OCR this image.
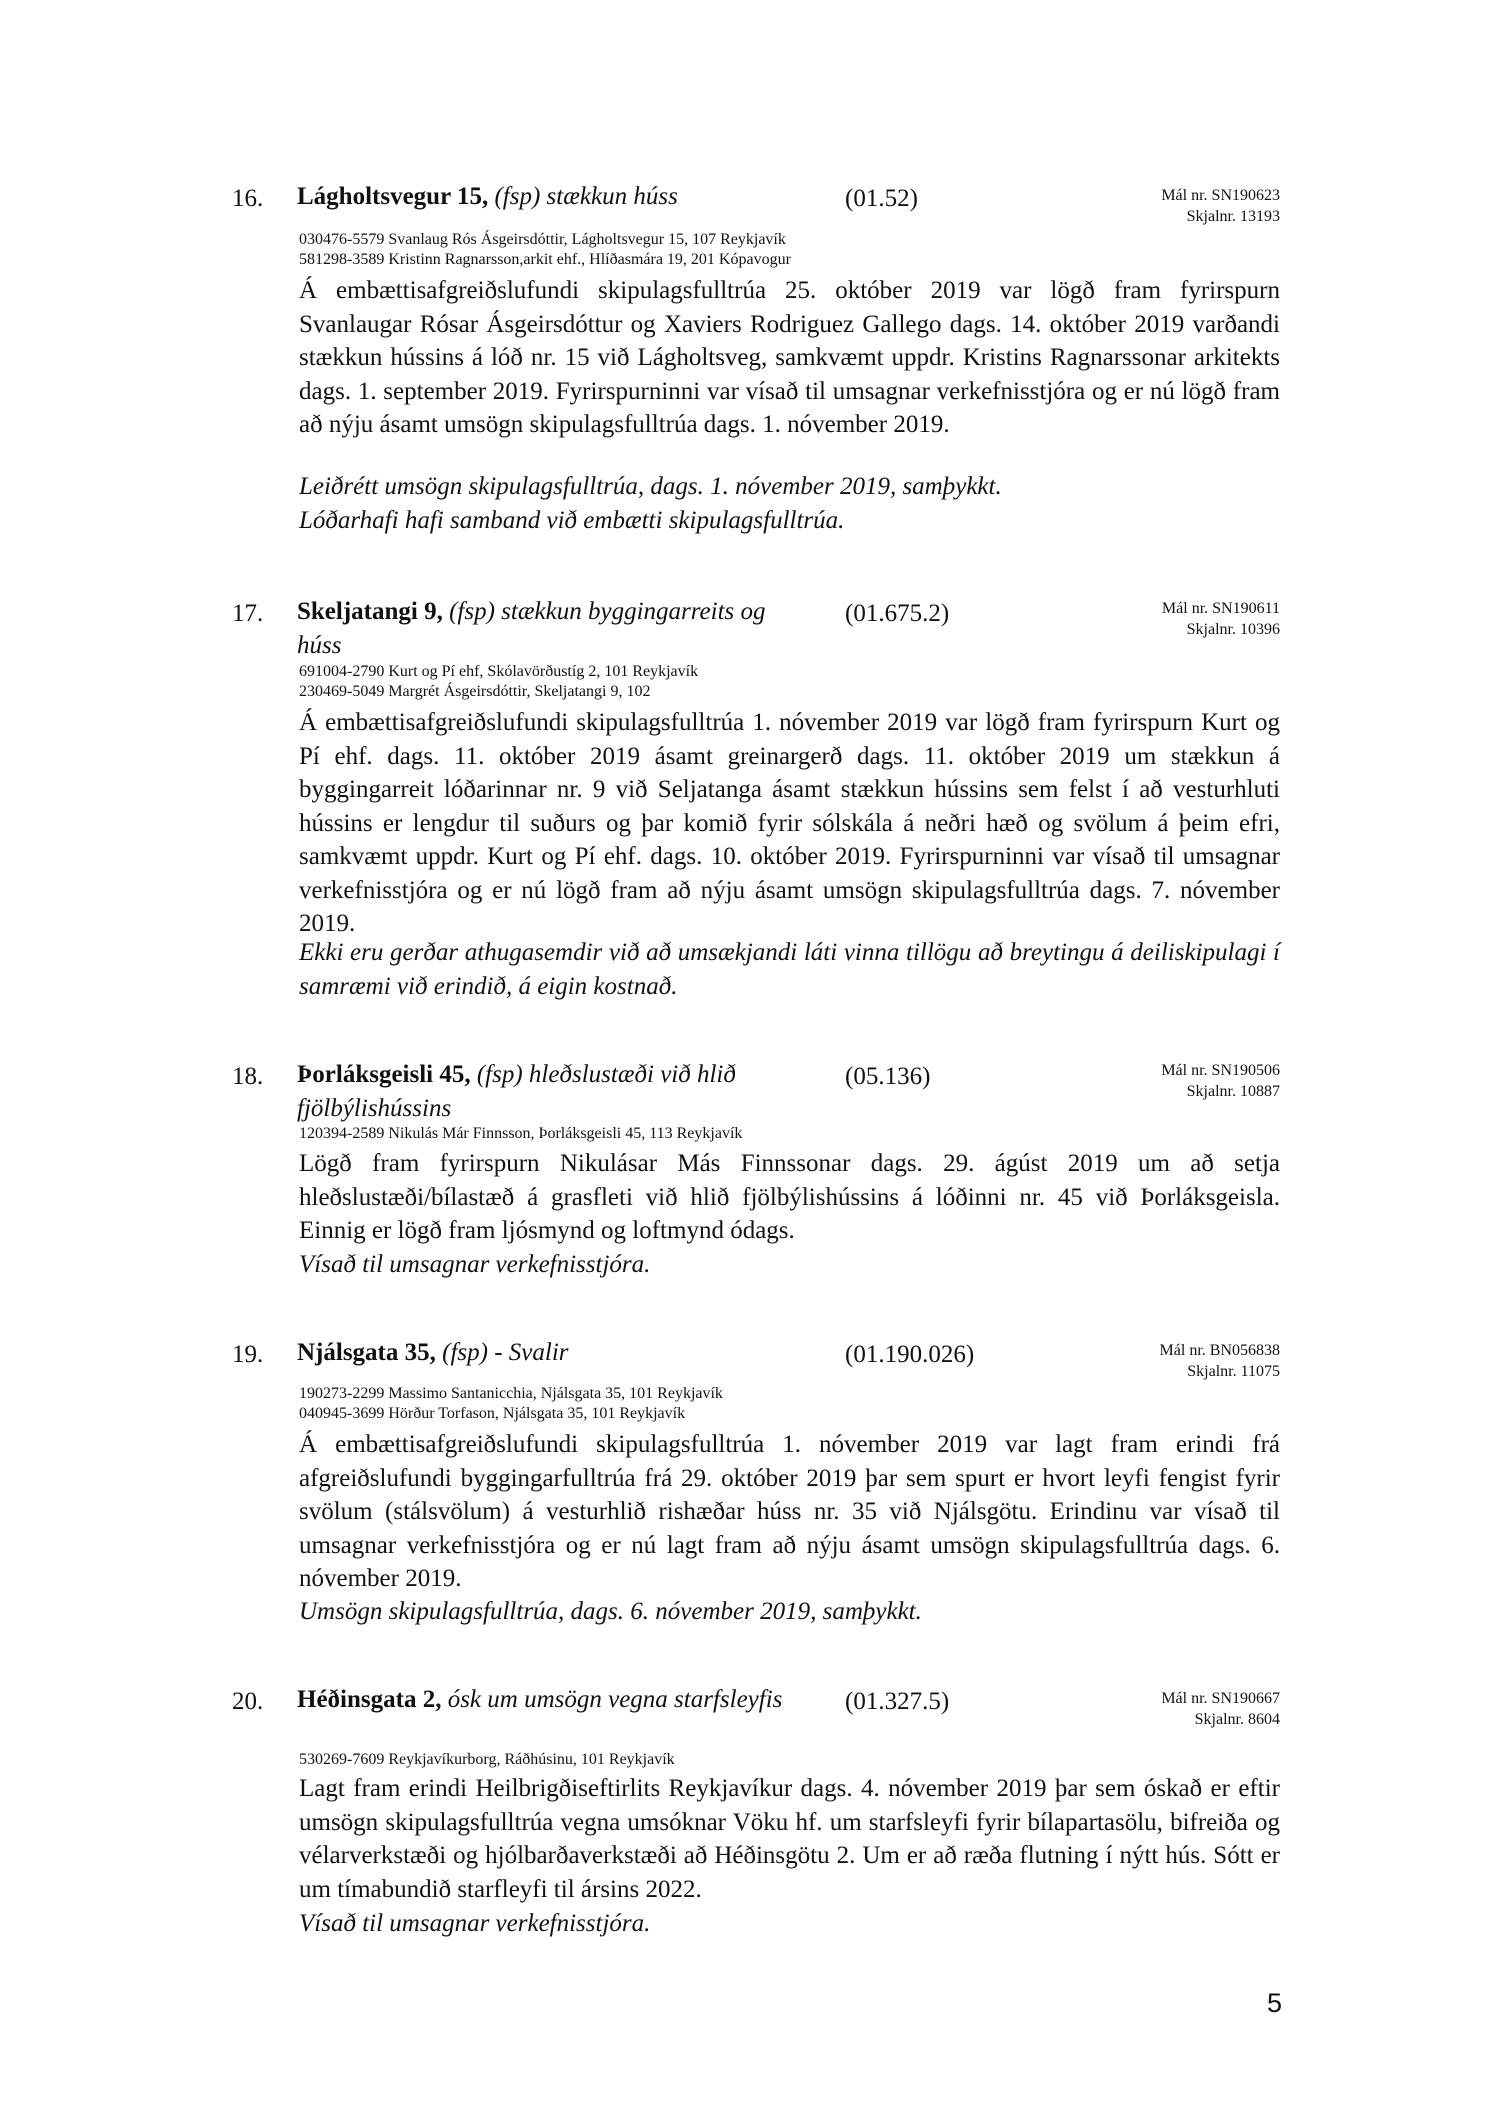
16. Lágholtsvegur 15, (fsp) stækkun húss	(01.52)	Mál nr. SN190623
Skjalnr. 13193
030476-5579 Svanlaug Rós Ásgeirsdóttir, Lágholtsvegur 15, 107 Reykjavík
581298-3589 Kristinn Ragnarsson,arkit ehf., Hlíðasmára 19, 201 Kópavogur

Á embættisafgreiðslufundi skipulagsfulltrúa 25. október 2019 var lögð fram fyrirspurn Svanlaugar Rósar Ásgeirsdóttur og Xaviers Rodriguez Gallego dags. 14. október 2019 varðandi stækkun hússins á lóð nr. 15 við Lágholtsveg, samkvæmt uppdr. Kristins Ragnarssonar arkitekts dags. 1. september 2019. Fyrirspurninni var vísað til umsagnar verkefnisstjóra og er nú lögð fram að nýju ásamt umsögn skipulagsfulltrúa dags. 1. nóvember 2019.

Leiðrétt umsögn skipulagsfulltrúa, dags. 1. nóvember 2019, samþykkt.

Lóðarhafi hafi samband við embætti skipulagsfulltrúa.

17. Skeljatangi 9, (fsp) stækkun byggingarreits og húss
(01.675.2)	Mál nr. SN190611
Skjalnr. 10396
691004-2790 Kurt og Pí ehf, Skólavörðustíg 2, 101 Reykjavík
230469-5049 Margrét Ásgeirsdóttir, Skeljatangi 9, 102

Á embættisafgreiðslufundi skipulagsfulltrúa 1. nóvember 2019 var lögð fram fyrirspurn Kurt og Pí ehf. dags. 11. október 2019 ásamt greinargerð dags. 11. október 2019 um stækkun á byggingarreit lóðarinnar nr. 9 við Seljatanga ásamt stækkun hússins sem felst í að vesturhluti hússins er lengdur til suðurs og þar komið fyrir sólskála á neðri hæð og svölum á þeim efri, samkvæmt uppdr. Kurt og Pí ehf. dags. 10. október 2019. Fyrirspurninni var vísað til umsagnar verkefnisstjóra og er nú lögð fram að nýju ásamt umsögn skipulagsfulltrúa dags. 7. nóvember 2019.

Ekki eru gerðar athugasemdir við að umsækjandi láti vinna tillögu að breytingu á deiliskipulagi í samræmi við erindið, á eigin kostnað.

18. Þorláksgeisli 45, (fsp) hleðslustæði við hlið fjölbýlishússins
(05.136)	Mál nr. SN190506
Skjalnr. 10887
120394-2589 Nikulás Már Finnsson, Þorláksgeisli 45, 113 Reykjavík

Lögð fram fyrirspurn Nikulásar Más Finnssonar dags. 29. ágúst 2019 um að setja hleðslustæði/bílastæð á grasfleti við hlið fjölbýlishússins á lóðinni nr. 45 við Þorláksgeisla. Einnig er lögð fram ljósmynd og loftmynd ódags.

Vísað til umsagnar verkefnisstjóra.

19. Njálsgata 35, (fsp) - Svalir	(01.190.026)	Mál nr. BN056838
Skjalnr. 11075
190273-2299 Massimo Santanicchia, Njálsgata 35, 101 Reykjavík
040945-3699 Hörður Torfason, Njálsgata 35, 101 Reykjavík

Á embættisafgreiðslufundi skipulagsfulltrúa 1. nóvember 2019 var lagt fram erindi frá afgreiðslufundi byggingarfulltrúa frá 29. október 2019 þar sem spurt er hvort leyfi fengist fyrir svölum (stálsvölum) á vesturhlið rishæðar húss nr. 35 við Njálsgötu. Erindinu var vísað til umsagnar verkefnisstjóra og er nú lagt fram að nýju ásamt umsögn skipulagsfulltrúa dags. 6. nóvember 2019.

Umsögn skipulagsfulltrúa, dags. 6. nóvember 2019, samþykkt.

20. Héðinsgata 2, ósk um umsögn vegna starfsleyfis	(01.327.5)	Mál nr. SN190667
Skjalnr. 8604
530269-7609 Reykjavíkurborg, Ráðhúsinu, 101 Reykjavík

Lagt fram erindi Heilbrigðiseftirlits Reykjavíkur dags. 4. nóvember 2019 þar sem óskað er eftir umsögn skipulagsfulltrúa vegna umsóknar Vöku hf. um starfsleyfi fyrir bílapartasölu, bifreiða og vélarverkstæði og hjólbarðaverkstæði að Héðinsgötu 2. Um er að ræða flutning í nýtt hús. Sótt er um tímabundið starfleyfi til ársins 2022.

Vísað til umsagnar verkefnisstjóra.

5
